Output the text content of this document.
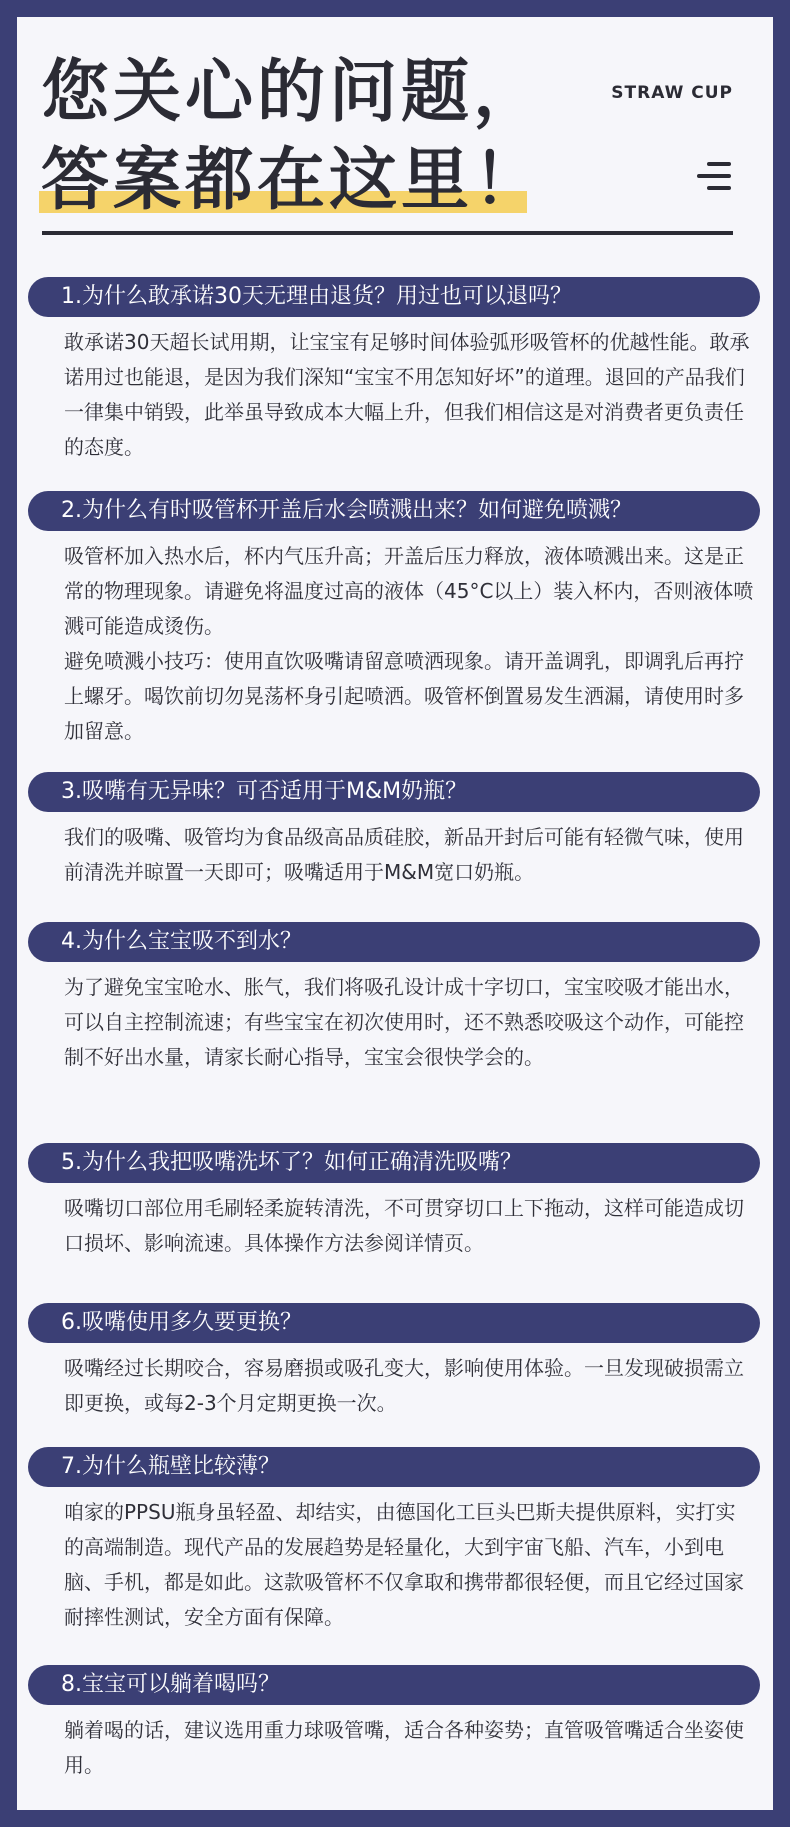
您关心的问题，
答案都在这里！
STRAW CUP
1.为什么敢承诺30天无理由退货？用过也可以退吗？
敢承诺30天超长试用期，让宝宝有足够时间体验弧形吸管杯的优越性能。敢承诺用过也能退，是因为我们深知“宝宝不用怎知好坏”的道理。退回的产品我们一律集中销毁，此举虽导致成本大幅上升，但我们相信这是对消费者更负责任的态度。
2.为什么有时吸管杯开盖后水会喷溅出来？如何避免喷溅？
吸管杯加入热水后，杯内气压升高；开盖后压力释放，液体喷溅出来。这是正常的物理现象。请避免将温度过高的液体（45°C以上）装入杯内，否则液体喷溅可能造成烫伤。
避免喷溅小技巧：使用直饮吸嘴请留意喷洒现象。请开盖调乳，即调乳后再拧上螺牙。喝饮前切勿晃荡杯身引起喷洒。吸管杯倒置易发生洒漏，请使用时多加留意。
3.吸嘴有无异味？可否适用于M&M奶瓶？
我们的吸嘴、吸管均为食品级高品质硅胶，新品开封后可能有轻微气味，使用前清洗并晾置一天即可；吸嘴适用于M&M宽口奶瓶。
4.为什么宝宝吸不到水？
为了避免宝宝呛水、胀气，我们将吸孔设计成十字切口，宝宝咬吸才能出水，可以自主控制流速；有些宝宝在初次使用时，还不熟悉咬吸这个动作，可能控制不好出水量，请家长耐心指导，宝宝会很快学会的。
5.为什么我把吸嘴洗坏了？如何正确清洗吸嘴？
吸嘴切口部位用毛刷轻柔旋转清洗，不可贯穿切口上下拖动，这样可能造成切口损坏、影响流速。具体操作方法参阅详情页。
6.吸嘴使用多久要更换？
吸嘴经过长期咬合，容易磨损或吸孔变大，影响使用体验。一旦发现破损需立即更换，或每2-3个月定期更换一次。
7.为什么瓶壁比较薄？
咱家的PPSU瓶身虽轻盈、却结实，由德国化工巨头巴斯夫提供原料，实打实的高端制造。现代产品的发展趋势是轻量化，大到宇宙飞船、汽车，小到电脑、手机，都是如此。这款吸管杯不仅拿取和携带都很轻便，而且它经过国家耐摔性测试，安全方面有保障。
8.宝宝可以躺着喝吗？
躺着喝的话，建议选用重力球吸管嘴，适合各种姿势；直管吸管嘴适合坐姿使用。
